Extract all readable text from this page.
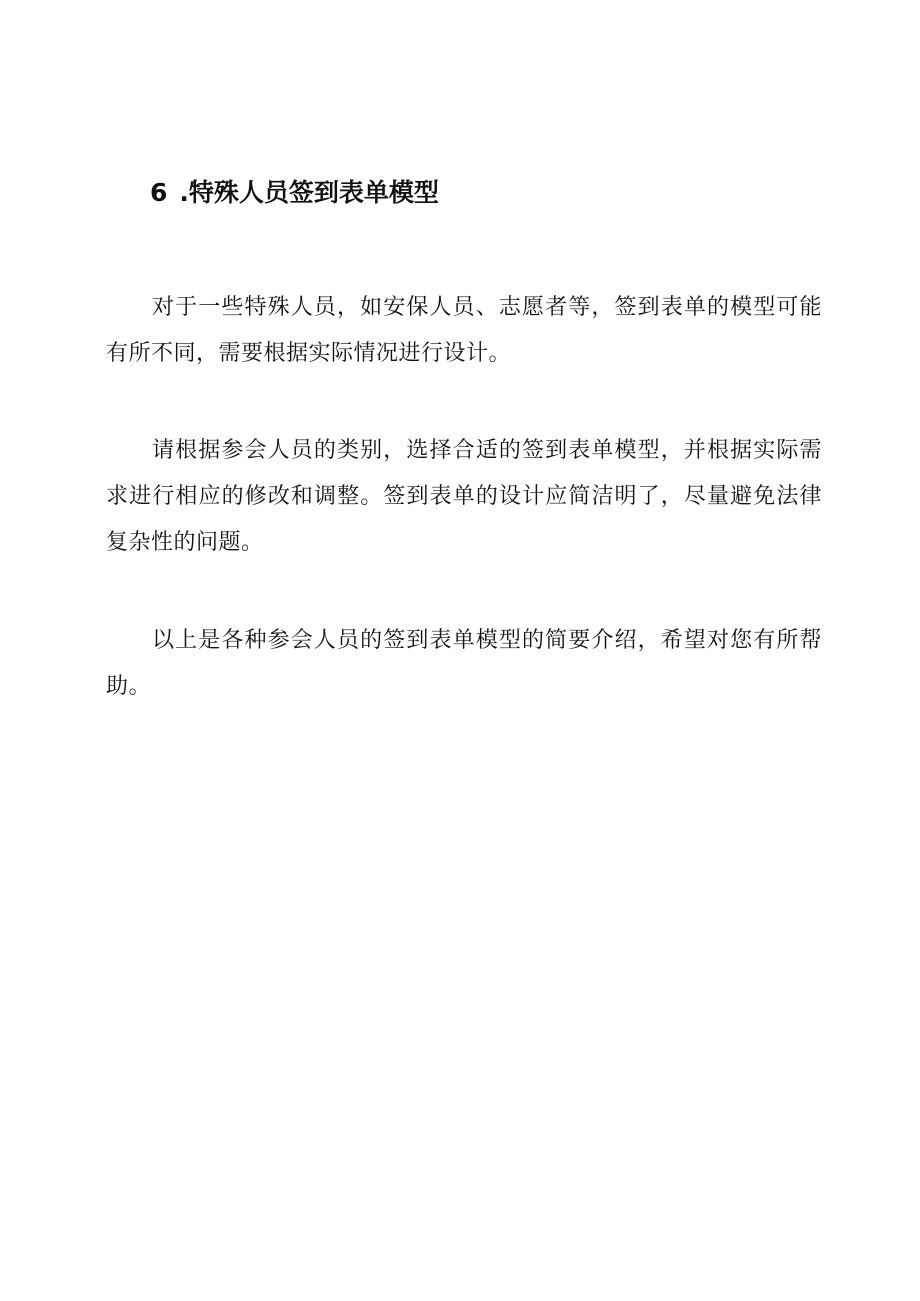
6 .特殊人员签到表单模型

对于一些特殊人员，如安保人员、志愿者等，签到表单的模型可能有所不同，需要根据实际情况进行设计。

请根据参会人员的类别，选择合适的签到表单模型，并根据实际需求进行相应的修改和调整。签到表单的设计应简洁明了，尽量避免法律复杂性的问题。

以上是各种参会人员的签到表单模型的简要介绍，希望对您有所帮助。
